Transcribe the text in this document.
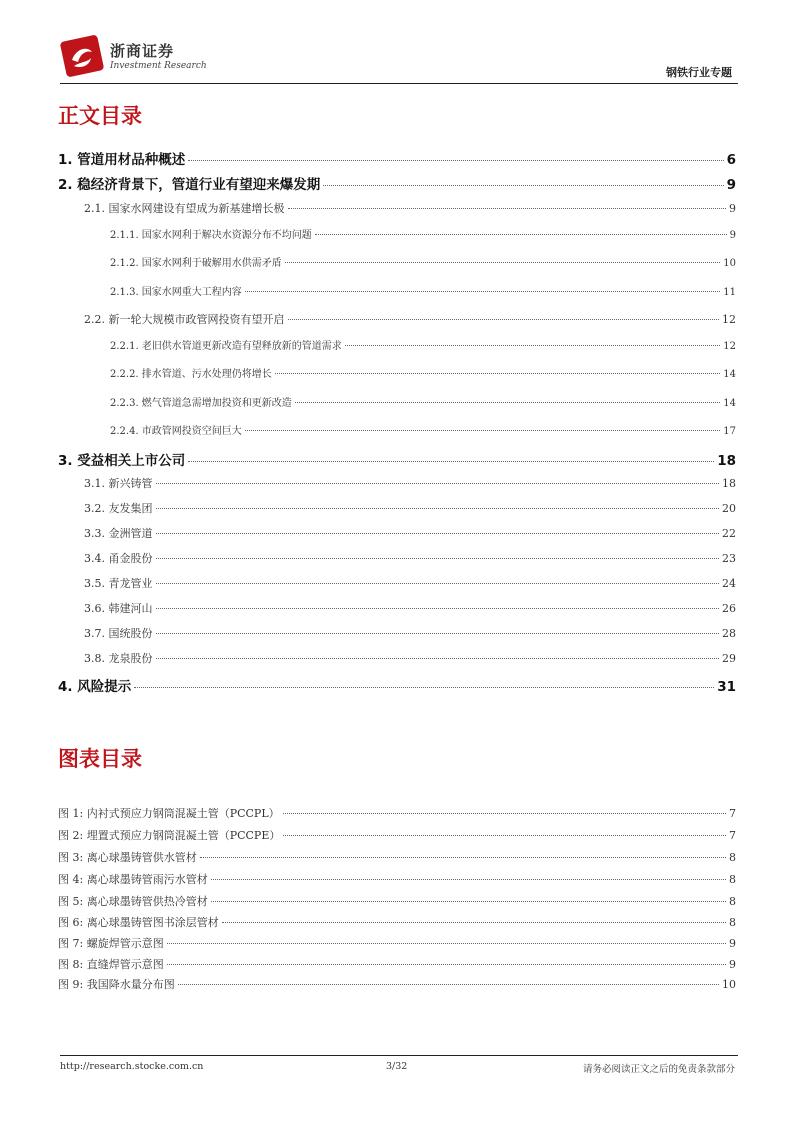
浙商证券
Investment Research	钢铁行业专题
正文目录
1. 管道用材品种概述	6
2. 稳经济背景下，管道行业有望迎来爆发期	9
2.1. 国家水网建设有望成为新基建增长极	9
2.1.1. 国家水网利于解决水资源分布不均问题	9
2.1.2. 国家水网利于破解用水供需矛盾	10
2.1.3. 国家水网重大工程内容	11
2.2. 新一轮大规模市政管网投资有望开启	12
2.2.1. 老旧供水管道更新改造有望释放新的管道需求	12
2.2.2. 排水管道、污水处理仍将增长	14
2.2.3. 燃气管道急需增加投资和更新改造	14
2.2.4. 市政管网投资空间巨大	17
3. 受益相关上市公司	18
3.1. 新兴铸管	18
3.2. 友发集团	20
3.3. 金洲管道	22
3.4. 甬金股份	23
3.5. 青龙管业	24
3.6. 韩建河山	26
3.7. 国统股份	28
3.8. 龙泉股份	29
4. 风险提示	31
图表目录
图 1: 内衬式预应力钢筒混凝土管（PCCPL）	7
图 2: 埋置式预应力钢筒混凝土管（PCCPE）	7
图 3: 离心球墨铸管供水管材	8
图 4: 离心球墨铸管雨污水管材	8
图 5: 离心球墨铸管供热冷管材	8
图 6: 离心球墨铸管图书涂层管材	8
图 7: 螺旋焊管示意图	9
图 8: 直缝焊管示意图	9
图 9: 我国降水量分布图	10
http://research.stocke.com.cn	3/32	请务必阅读正文之后的免责条款部分
